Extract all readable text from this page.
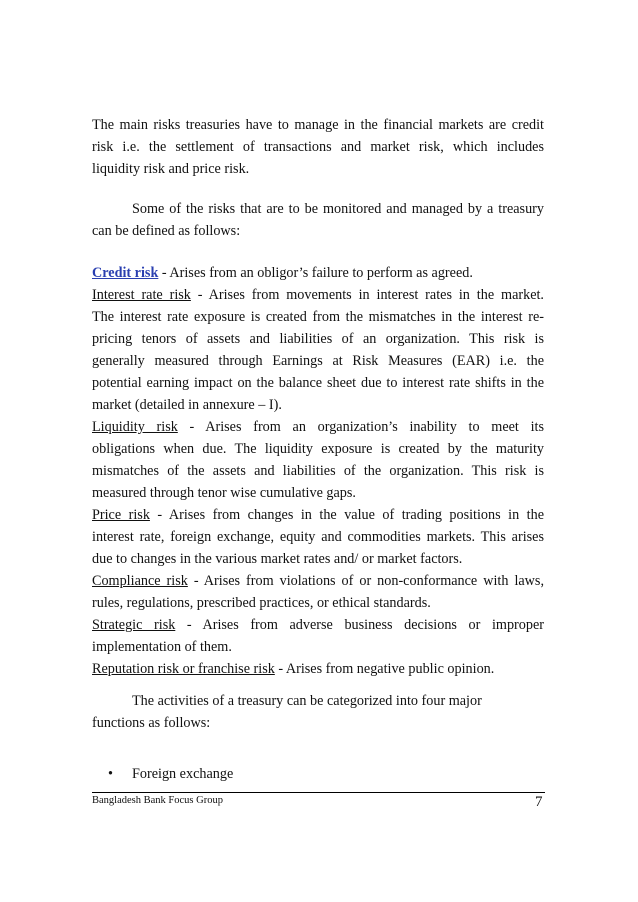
The main risks treasuries have to manage in the financial markets are credit
risk i.e. the settlement of transactions and market risk, which includes
liquidity risk and price risk.
Some of the risks that are to be monitored and managed by a treasury
can be defined as follows:
Credit risk - Arises from an obligor’s failure to perform as agreed.
Interest rate risk - Arises from movements in interest rates in the market.
The interest rate exposure is created from the mismatches in the interest re-
pricing tenors of assets and liabilities of an organization. This risk is
generally measured through Earnings at Risk Measures (EAR) i.e. the
potential earning impact on the balance sheet due to interest rate shifts in the
market (detailed in annexure – I).
Liquidity risk - Arises from an organization’s inability to meet its
obligations when due. The liquidity exposure is created by the maturity
mismatches of the assets and liabilities of the organization. This risk is
measured through tenor wise cumulative gaps.
Price risk - Arises from changes in the value of trading positions in the
interest rate, foreign exchange, equity and commodities markets. This arises
due to changes in the various market rates and/ or market factors.
Compliance risk - Arises from violations of or non-conformance with laws,
rules, regulations, prescribed practices, or ethical standards.
Strategic risk - Arises from adverse business decisions or improper
implementation of them.
Reputation risk or franchise risk - Arises from negative public opinion.
The activities of a treasury can be categorized into four major
functions as follows:
• Foreign exchange
Bangladesh Bank Focus Group	7
